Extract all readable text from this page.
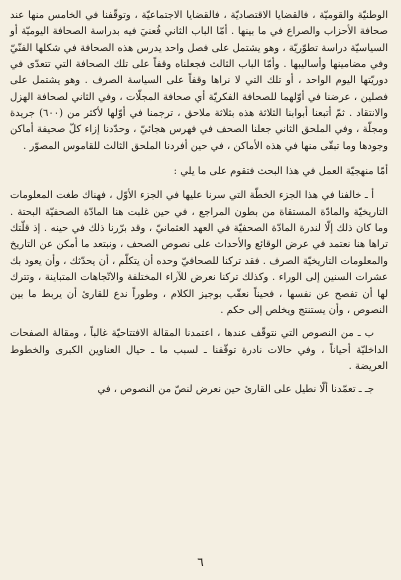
الوطنيّة والقوميّة ، فالقضايا الاقتصاديّة ، فالقضايا الاجتماعيّة ، وتوقّفنا في الخامس منها عند صحافة الأحزاب والصراع في ما بينها . أمّا الباب الثاني فُعنيَ فيه بدراسة الصحافة اليوميّة أو السياسيّة دراسة تطوّريّة ، وهو يشتمل على فصل واحد يدرس هذه الصحافة في شكلها الفنّيّ وفي مضامينها وأساليبها . وأمّا الباب الثالث فجعلناه وقفاً على تلك الصحافة التي تتعدّى في دوريّتها اليوم الواحد ، أو تلك التي لا نراها وقفاً على السياسة الصرف . وهو يشتمل على فصلين ، عرضنا في أوّلهما للصحافة الفكريّة أي صحافة المجلّات ، وفي الثاني لصحافة الهزل والانتقاد . ثمّ أتبعنا أبوابنا الثلاثة هذه بثلاثة ملاحق ، ترجمنا في أوّلها لأكثر من (٦٠٠) جريدة ومجلّة ، وفي الملحق الثاني جعلنا الصحف في فهرس هجائيّ ، وحدّدنا إزاء كلّ صحيفة أماكن وجودها وما تبقّى منها في هذه الأماكن ، في حين أفردنا الملحق الثالث للقاموس المصوّر .

أمّا منهجيّة العمل في هذا البحث فتقوم على ما يلي :

أ ـ خالفنا في هذا الجزء الخطّة التي سرنا عليها في الجزء الأوّل ، فهناك طغت المعلومات التاريخيّة والمادّة المستقاة من بطون المراجع ، في حين غلبت هنا المادّة الصحفيّة البحتة . وما كان ذلك إلّا لندرة المادّة الصحفيّة في العهد العثمانيّ ، وقد برّرنا ذلك في حينه . إذ قلّتك تراها هنا نعتمد في عرض الوقائع والأحداث على نصوص الصحف ، ونبتعد ما أمكن عن التاريخ والمعلومات التاريخيّة الصرف . فقد تركنا للصحافيّ وحده أن يتكلّم ، أن يحدّثك ، وأن يعود بك عشرات السنين إلى الوراء . وكذلك تركنا نعرض للآراء المختلفة والاتّجاهات المتباينة ، وتترك لها أن تفصح عن نفسها ، فحيناً نعقّب بوجيز الكلام ، وطوراً ندع للقارئ أن يربط ما بين النصوص ، وأن يستنتج ويخلص إلى حكم .

ب ـ من النصوص التي نتوقّف عندها ، اعتمدنا المقالة الافتتاحيّة غالباً ، ومقالة الصفحات الداخليّة أحياناً ، وفي حالات نادرة توقّفنا ـ لسبب ما ـ حيال العناوين الكبرى والخطوط العريضة .

جـ ـ تعمّدنا ألّا نطيل على القارئ حين نعرض لنصّ من النصوص ، في

٦
